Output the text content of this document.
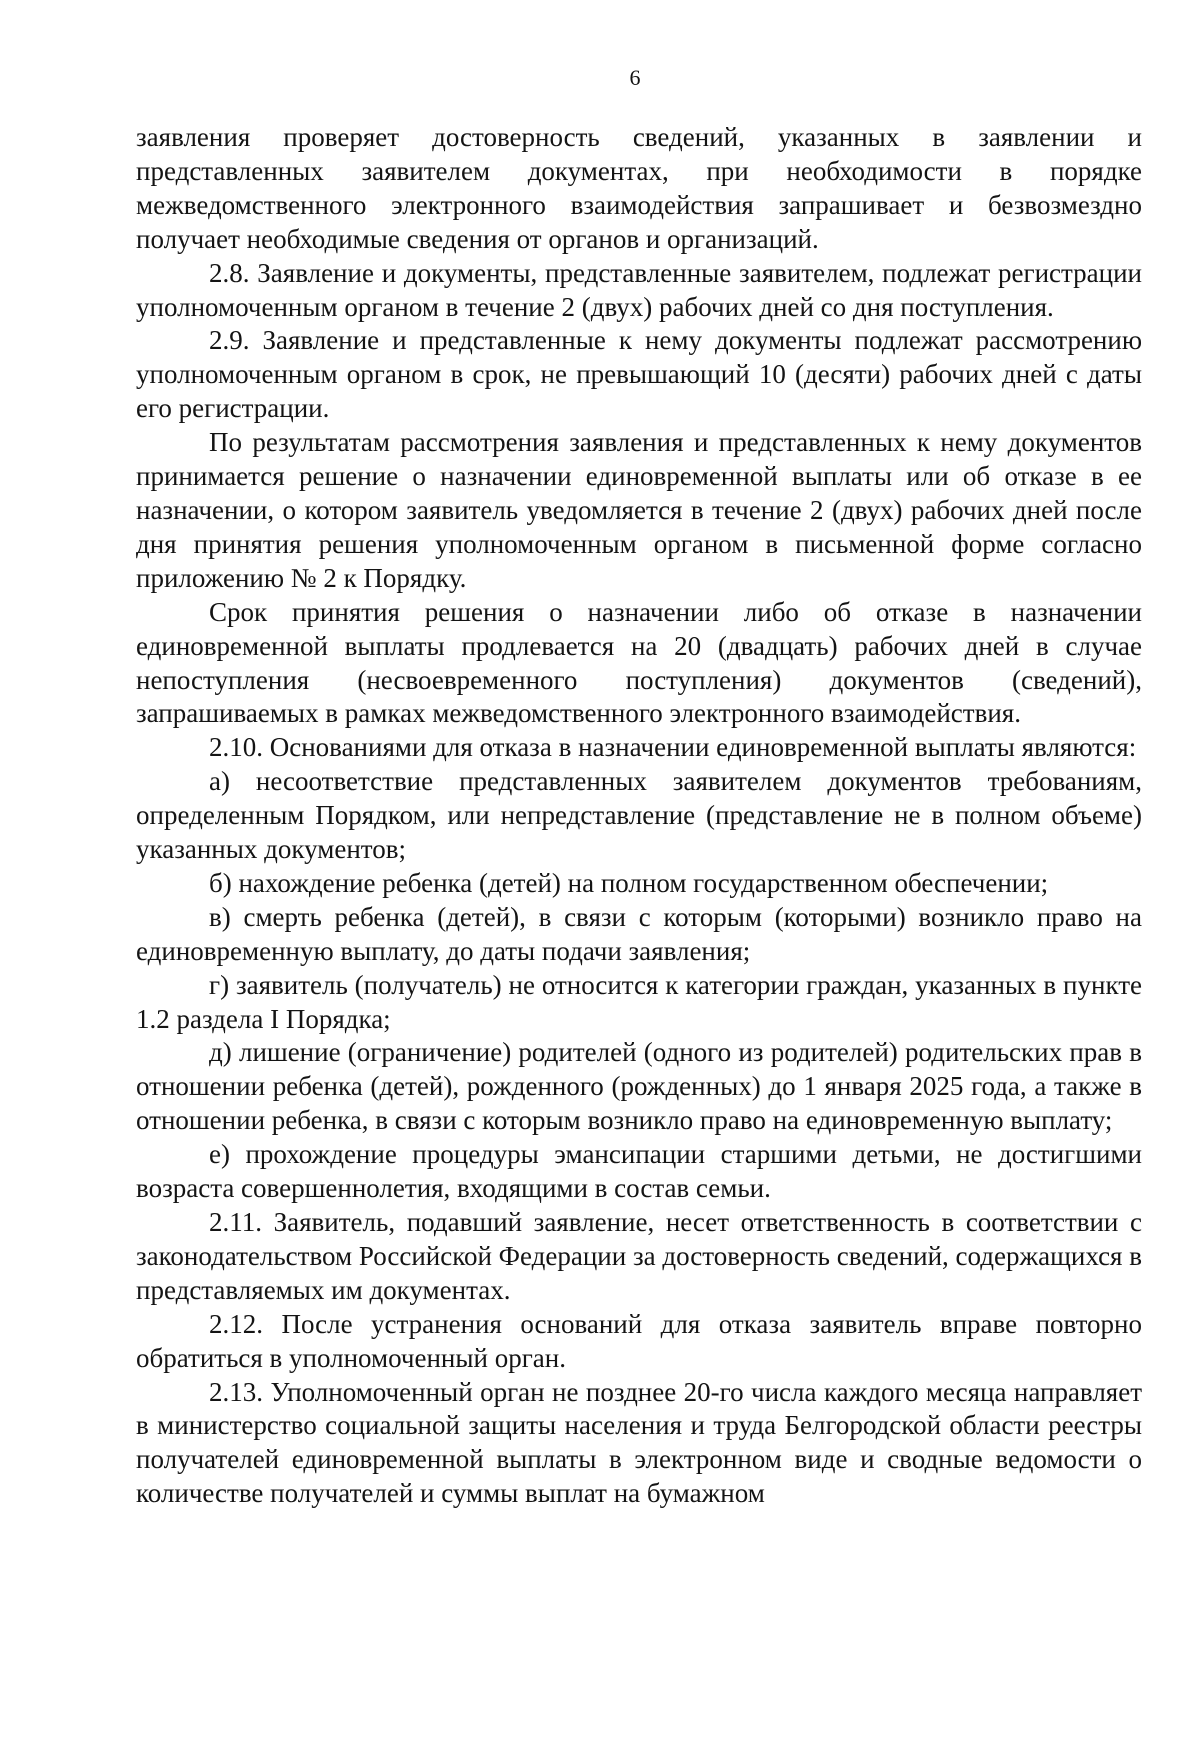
6

заявления проверяет достоверность сведений, указанных в заявлении и представленных заявителем документах, при необходимости в порядке межведомственного электронного взаимодействия запрашивает и безвозмездно получает необходимые сведения от органов и организаций.

2.8. Заявление и документы, представленные заявителем, подлежат регистрации уполномоченным органом в течение 2 (двух) рабочих дней со дня поступления.

2.9. Заявление и представленные к нему документы подлежат рассмотрению уполномоченным органом в срок, не превышающий 10 (десяти) рабочих дней с даты его регистрации.

По результатам рассмотрения заявления и представленных к нему документов принимается решение о назначении единовременной выплаты или об отказе в ее назначении, о котором заявитель уведомляется в течение 2 (двух) рабочих дней после дня принятия решения уполномоченным органом в письменной форме согласно приложению № 2 к Порядку.

Срок принятия решения о назначении либо об отказе в назначении единовременной выплаты продлевается на 20 (двадцать) рабочих дней в случае непоступления (несвоевременного поступления) документов (сведений), запрашиваемых в рамках межведомственного электронного взаимодействия.

2.10. Основаниями для отказа в назначении единовременной выплаты являются:

а) несоответствие представленных заявителем документов требованиям, определенным Порядком, или непредставление (представление не в полном объеме) указанных документов;

б) нахождение ребенка (детей) на полном государственном обеспечении;

в) смерть ребенка (детей), в связи с которым (которыми) возникло право на единовременную выплату, до даты подачи заявления;

г) заявитель (получатель) не относится к категории граждан, указанных в пункте 1.2 раздела I Порядка;

д) лишение (ограничение) родителей (одного из родителей) родительских прав в отношении ребенка (детей), рожденного (рожденных) до 1 января 2025 года, а также в отношении ребенка, в связи с которым возникло право на единовременную выплату;

е) прохождение процедуры эмансипации старшими детьми, не достигшими возраста совершеннолетия, входящими в состав семьи.

2.11. Заявитель, подавший заявление, несет ответственность в соответствии с законодательством Российской Федерации за достоверность сведений, содержащихся в представляемых им документах.

2.12. После устранения оснований для отказа заявитель вправе повторно обратиться в уполномоченный орган.

2.13. Уполномоченный орган не позднее 20-го числа каждого месяца направляет в министерство социальной защиты населения и труда Белгородской области реестры получателей единовременной выплаты в электронном виде и сводные ведомости о количестве получателей и суммы выплат на бумажном
